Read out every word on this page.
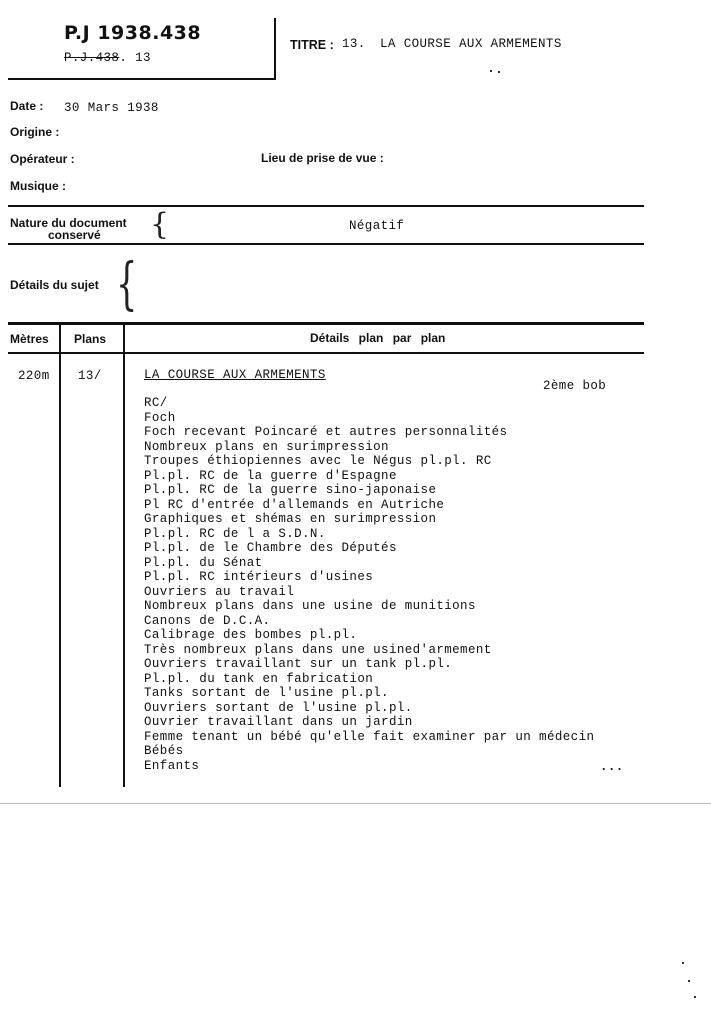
P.J 1938.438
P.J.438. 13
TITRE : 13. LA COURSE AUX ARMEMENTS
Date : 30 Mars 1938
Origine :
Opérateur :	Lieu de prise de vue :
Musique :
Nature du document
conservé {	Négatif
Détails du sujet {
Mètres Plans	Détails plan par plan
220m 13/	LA COURSE AUX ARMEMENTS
2ème bob
RC/
Foch
Foch recevant Poincaré et autres personnalités
Nombreux plans en surimpression
Troupes éthiopiennes avec le Négus pl.pl. RC
Pl.pl. RC de la guerre d'Espagne
Pl.pl. RC de la guerre sino-japonaise
Pl RC d'entrée d'allemands en Autriche
Graphiques et shémas en surimpression
Pl.pl. RC de l a S.D.N.
Pl.pl. de le Chambre des Députés
Pl.pl. du Sénat
Pl.pl. RC intérieurs d'usines
Ouvriers au travail
Nombreux plans dans une usine de munitions
Canons de D.C.A.
Calibrage des bombes pl.pl.
Très nombreux plans dans une usined'armement
Ouvriers travaillant sur un tank pl.pl.
Pl.pl. du tank en fabrication
Tanks sortant de l'usine pl.pl.
Ouvriers sortant de l'usine pl.pl.
Ouvrier travaillant dans un jardin
Femme tenant un bébé qu'elle fait examiner par un médecin
Bébés
Enfants	...
